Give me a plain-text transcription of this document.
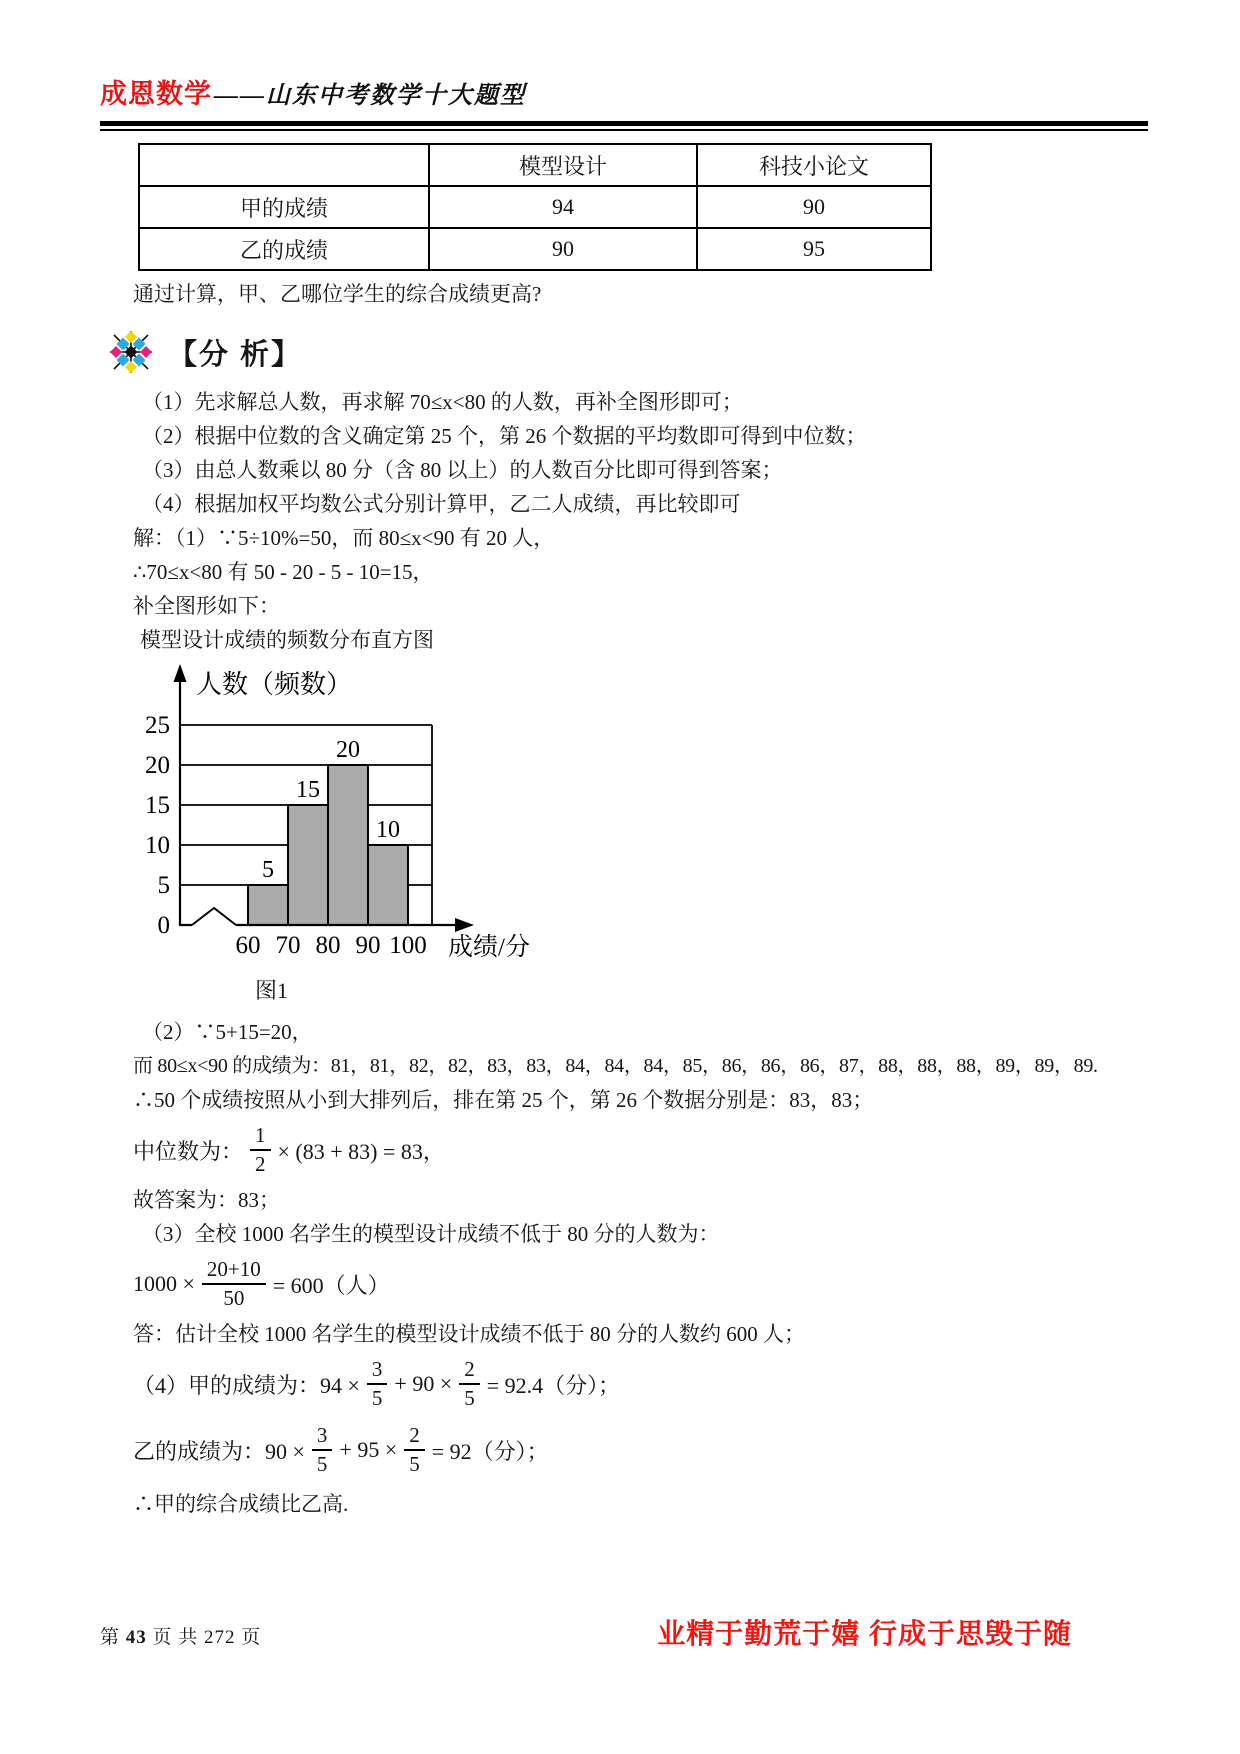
成恩数学 ——山东中考数学十大题型
	模型设计	科技小论文
甲的成绩	94	90
乙的成绩	90	95
通过计算，甲、乙哪位学生的综合成绩更高?
【分 析】
（1）先求解总人数，再求解 70≤x<80 的人数，再补全图形即可；
（2）根据中位数的含义确定第 25 个，第 26 个数据的平均数即可得到中位数；
（3）由总人数乘以 80 分（含 80 以上）的人数百分比即可得到答案；
（4）根据加权平均数公式分别计算甲，乙二人成绩，再比较即可
解：（1）∵5÷10%=50，而 80≤x<90 有 20 人，
∴70≤x<80 有 50 - 20 - 5 - 10=15，
补全图形如下：
模型设计成绩的频数分布直方图
5
15
20
10
0
5
10
15
20
25
60 70 80 90 100
人数（频数）
成绩/分
图1
（2）∵5+15=20，
而 80≤x<90 的成绩为：81，81，82，82，83，83，84，84，84，85，86，86，86，87，88，88，88，89，89，89.
∴50 个成绩按照从小到大排列后，排在第 25 个，第 26 个数据分别是：83，83；
中位数为： $\frac{1}{2} \times (83 + 83) = 83$，
故答案为：83；
（3）全校 1000 名学生的模型设计成绩不低于 80 分的人数为：
$1000 \times \frac{20+10}{50} = 600$（人）
答：估计全校 1000 名学生的模型设计成绩不低于 80 分的人数约 600 人；
（4）甲的成绩为：$94 \times \frac{3}{5} + 90 \times \frac{2}{5} = 92.4$（分）；
乙的成绩为：$90 \times \frac{3}{5} + 95 \times \frac{2}{5} = 92$（分）；
∴甲的综合成绩比乙高.
第 43 页 共 272 页	业精于勤荒于嬉 行成于思毁于随
